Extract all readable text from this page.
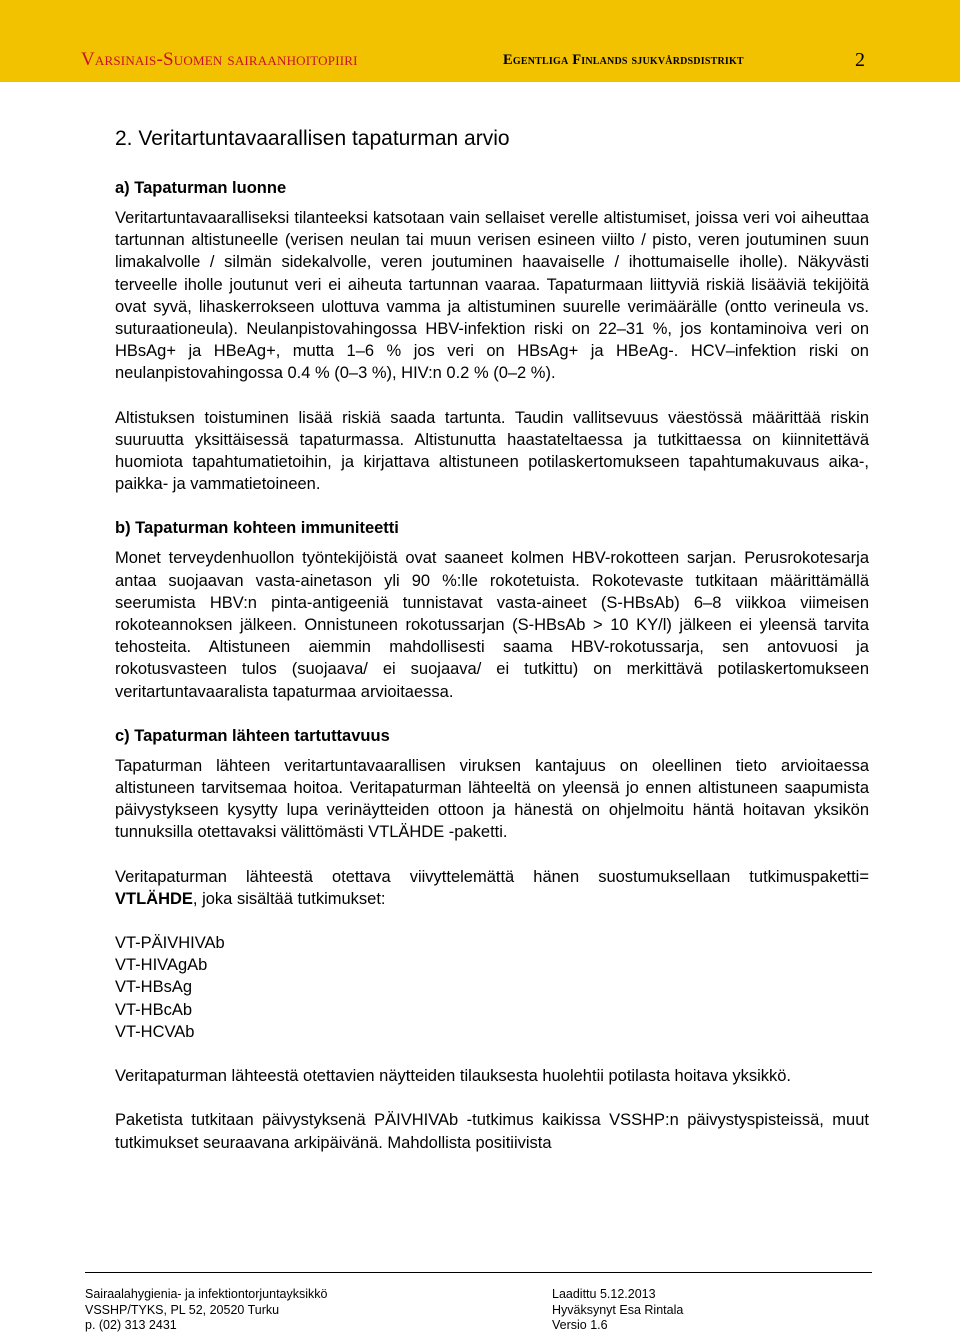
Varsinais-Suomen sairaanhoitopiiri	Egentliga Finlands sjukvårdsdistrikt	2
2. Veritartuntavaarallisen tapaturman arvio
a) Tapaturman luonne

Veritartuntavaaralliseksi tilanteeksi katsotaan vain sellaiset verelle altistumiset, joissa veri voi aiheuttaa tartunnan altistuneelle (verisen neulan tai muun verisen esineen viilto / pisto, veren joutuminen suun limakalvolle / silmän sidekalvolle, veren joutuminen haavaiselle / ihottumaiselle iholle). Näkyvästi terveelle iholle joutunut veri ei aiheuta tartunnan vaaraa. Tapaturmaan liittyviä riskiä lisääviä tekijöitä ovat syvä, lihaskerrokseen ulottuva vamma ja altistuminen suurelle verimäärälle (ontto verineula vs. suturaationeula). Neulanpistovahingossa HBV-infektion riski on 22–31 %, jos kontaminoiva veri on HBsAg+ ja HBeAg+, mutta 1–6 % jos veri on HBsAg+ ja HBeAg-. HCV–infektion riski on neulanpistovahingossa 0.4 % (0–3 %), HIV:n 0.2 % (0–2 %).

Altistuksen toistuminen lisää riskiä saada tartunta. Taudin vallitsevuus väestössä määrittää riskin suuruutta yksittäisessä tapaturmassa. Altistunutta haastateltaessa ja tutkittaessa on kiinnitettävä huomiota tapahtumatietoihin, ja kirjattava altistuneen potilaskertomukseen tapahtumakuvaus aika-, paikka- ja vammatietoineen.

b) Tapaturman kohteen immuniteetti

Monet terveydenhuollon työntekijöistä ovat saaneet kolmen HBV-rokotteen sarjan. Perusrokotesarja antaa suojaavan vasta-ainetason yli 90 %:lle rokotetuista. Rokotevaste tutkitaan määrittämällä seerumista HBV:n pinta-antigeeniä tunnistavat vasta-aineet (S-HBsAb) 6–8 viikkoa viimeisen rokoteannoksen jälkeen. Onnistuneen rokotussarjan (S-HBsAb > 10 KY/l) jälkeen ei yleensä tarvita tehosteita. Altistuneen aiemmin mahdollisesti saama HBV-rokotussarja, sen antovuosi ja rokotusvasteen tulos (suojaava/ ei suojaava/ ei tutkittu) on merkittävä potilaskertomukseen veritartuntavaaralista tapaturmaa arvioitaessa.

c) Tapaturman lähteen tartuttavuus

Tapaturman lähteen veritartuntavaarallisen viruksen kantajuus on oleellinen tieto arvioitaessa altistuneen tarvitsemaa hoitoa. Veritapaturman lähteeltä on yleensä jo ennen altistuneen saapumista päivystykseen kysytty lupa verinäytteiden ottoon ja hänestä on ohjelmoitu häntä hoitavan yksikön tunnuksilla otettavaksi välittömästi VTLÄHDE -paketti.

Veritapaturman lähteestä otettava viivyttelemättä hänen suostumuksellaan tutkimuspaketti= VTLÄHDE, joka sisältää tutkimukset:

VT-PÄIVHIVAb
VT-HIVAgAb
VT-HBsAg
VT-HBcAb
VT-HCVAb

Veritapaturman lähteestä otettavien näytteiden tilauksesta huolehtii potilasta hoitava yksikkö.

Paketista tutkitaan päivystyksenä PÄIVHIVAb -tutkimus kaikissa VSSHP:n päivystyspisteissä, muut tutkimukset seuraavana arkipäivänä. Mahdollista positiivista

Sairaalahygienia- ja infektiontorjuntayksikkö
VSSHP/TYKS, PL 52, 20520 Turku
p. (02) 313 2431
Laadittu 5.12.2013
Hyväksynyt Esa Rintala
Versio 1.6
